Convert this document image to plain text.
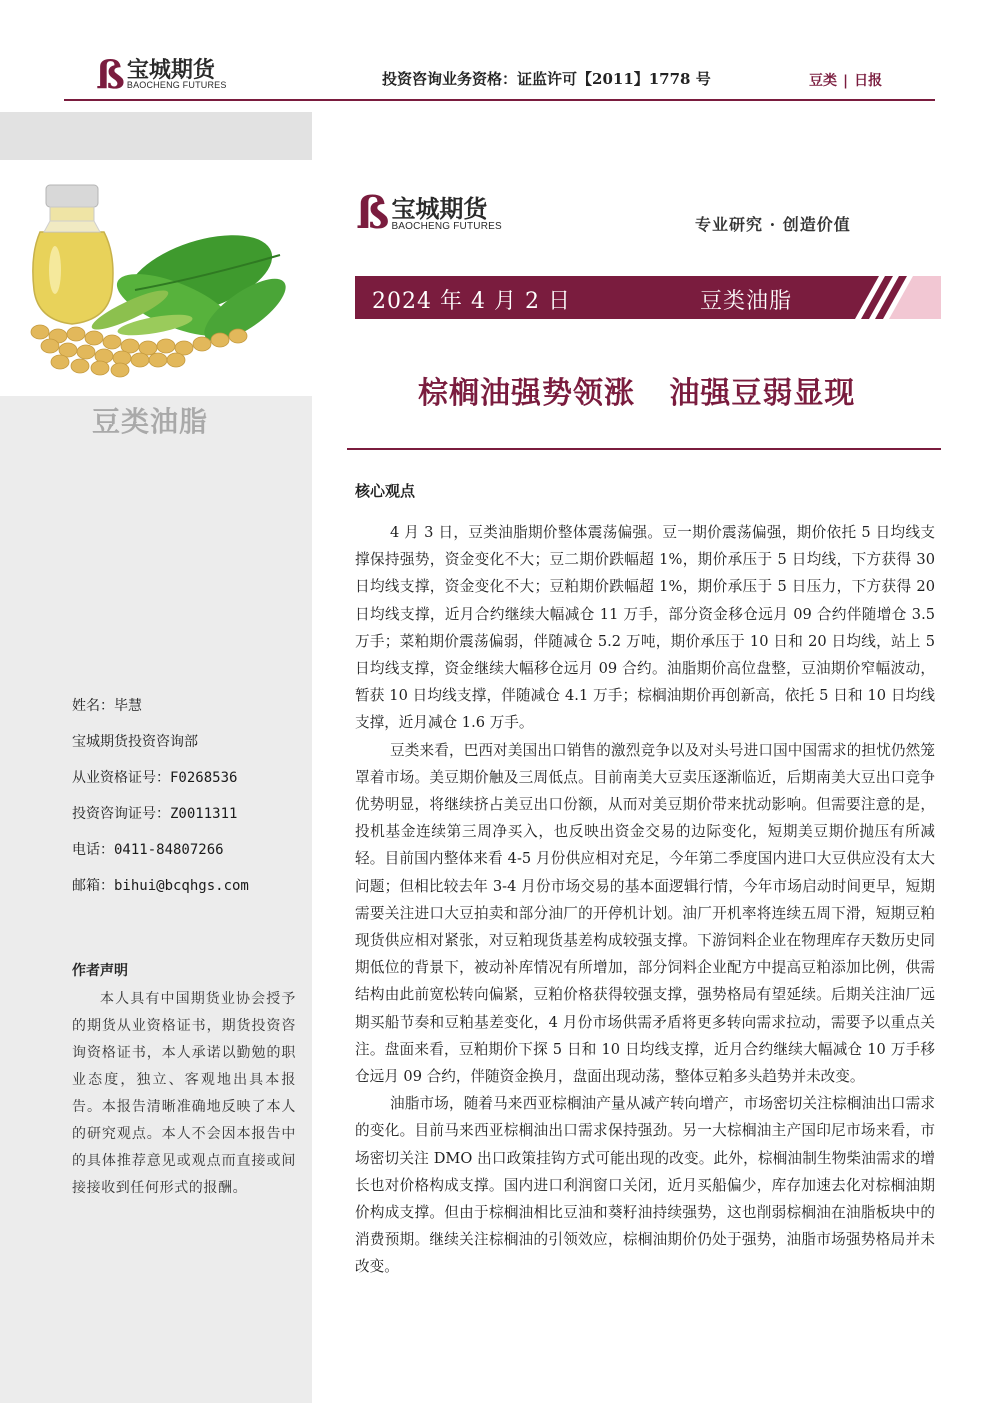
ß 宝城期货
BAOCHENG FUTURES	投资咨询业务资格：证监许可【2011】1778 号	豆类 | 日报
豆类油脂
姓名：毕慧
宝城期货投资咨询部
从业资格证号：F0268536
投资咨询证号：Z0011311
电话：0411-84807266
邮箱：bihui@bcqhgs.com
作者声明
本人具有中国期货业协会授予的期货从业资格证书，期货投资咨询资格证书，本人承诺以勤勉的职业态度，独立、客观地出具本报告。本报告清晰准确地反映了本人的研究观点。本人不会因本报告中的具体推荐意见或观点而直接或间接接收到任何形式的报酬。
ß 宝城期货
BAOCHENG FUTURES	专业研究 · 创造价值
2024 年 4 月 2 日	豆类油脂
棕榈油强势领涨   油强豆弱显现
核心观点

4 月 3 日，豆类油脂期价整体震荡偏强。豆一期价震荡偏强，期价依托 5 日均线支撑保持强势，资金变化不大；豆二期价跌幅超 1%，期价承压于 5 日均线，下方获得 30 日均线支撑，资金变化不大；豆粕期价跌幅超 1%，期价承压于 5 日压力，下方获得 20 日均线支撑，近月合约继续大幅减仓 11 万手，部分资金移仓远月 09 合约伴随增仓 3.5 万手；菜粕期价震荡偏弱，伴随减仓 5.2 万吨，期价承压于 10 日和 20 日均线，站上 5 日均线支撑，资金继续大幅移仓远月 09 合约。油脂期价高位盘整，豆油期价窄幅波动，暂获 10 日均线支撑，伴随减仓 4.1 万手；棕榈油期价再创新高，依托 5 日和 10 日均线支撑，近月减仓 1.6 万手。

豆类来看，巴西对美国出口销售的激烈竞争以及对头号进口国中国需求的担忧仍然笼罩着市场。美豆期价触及三周低点。目前南美大豆卖压逐渐临近，后期南美大豆出口竞争优势明显，将继续挤占美豆出口份额，从而对美豆期价带来扰动影响。但需要注意的是，投机基金连续第三周净买入，也反映出资金交易的边际变化，短期美豆期价抛压有所减轻。目前国内整体来看 4-5 月份供应相对充足，今年第二季度国内进口大豆供应没有太大问题；但相比较去年 3-4 月份市场交易的基本面逻辑行情，今年市场启动时间更早，短期需要关注进口大豆拍卖和部分油厂的开停机计划。油厂开机率将连续五周下滑，短期豆粕现货供应相对紧张，对豆粕现货基差构成较强支撑。下游饲料企业在物理库存天数历史同期低位的背景下，被动补库情况有所增加，部分饲料企业配方中提高豆粕添加比例，供需结构由此前宽松转向偏紧，豆粕价格获得较强支撑，强势格局有望延续。后期关注油厂远期买船节奏和豆粕基差变化，4 月份市场供需矛盾将更多转向需求拉动，需要予以重点关注。盘面来看，豆粕期价下探 5 日和 10 日均线支撑，近月合约继续大幅减仓 10 万手移仓远月 09 合约，伴随资金换月，盘面出现动荡，整体豆粕多头趋势并未改变。

油脂市场，随着马来西亚棕榈油产量从减产转向增产，市场密切关注棕榈油出口需求的变化。目前马来西亚棕榈油出口需求保持强劲。另一大棕榈油主产国印尼市场来看，市场密切关注 DMO 出口政策挂钩方式可能出现的改变。此外，棕榈油制生物柴油需求的增长也对价格构成支撑。国内进口利润窗口关闭，近月买船偏少，库存加速去化对棕榈油期价构成支撑。但由于棕榈油相比豆油和葵籽油持续强势，这也削弱棕榈油在油脂板块中的消费预期。继续关注棕榈油的引领效应，棕榈油期价仍处于强势，油脂市场强势格局并未改变。
